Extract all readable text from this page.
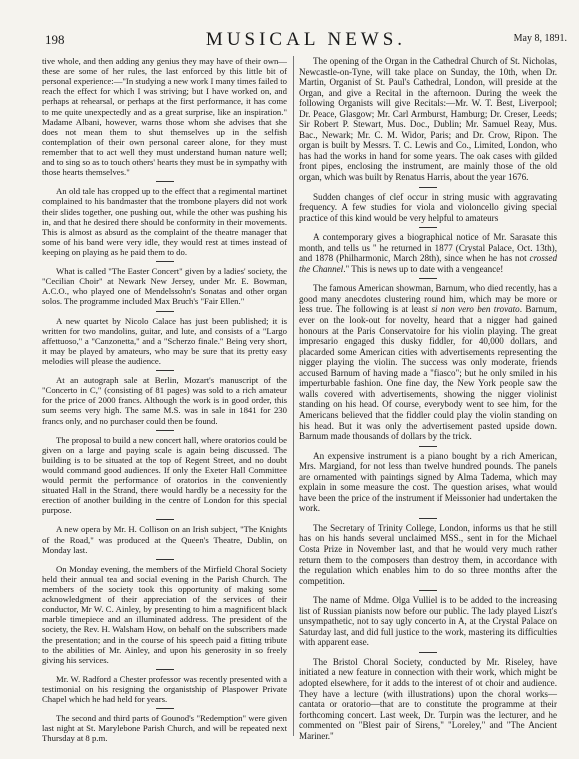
198	MUSICAL NEWS.	May 8, 1891.

tive whole, and then adding any genius they may have of their own—these are some of her rules, the last enforced by this little bit of personal experience:—"In studying a new work I many times failed to reach the effect for which I was striving; but I have worked on, and perhaps at rehearsal, or perhaps at the first performance, it has come to me quite unexpectedly and as a great surprise, like an inspiration." Madame Albani, however, warns those whom she advises that she does not mean them to shut themselves up in the selfish contemplation of their own personal career alone, for they must remember that to act well they must understand human nature well; and to sing so as to touch others' hearts they must be in sympathy with those hearts themselves."

An old tale has cropped up to the effect that a regimental martinet complained to his bandmaster that the trombone players did not work their slides together, one pushing out, while the other was pushing his in, and that he desired there should be conformity in their movements. This is almost as absurd as the complaint of the theatre manager that some of his band were very idle, they would rest at times instead of keeping on playing as he paid them to do.

What is called "The Easter Concert" given by a ladies' society, the "Cecilian Choir" at Newark New Jersey, under Mr. E. Bowman, A.C.O., who played one of Mendelssohn's Sonatas and other organ solos. The programme included Max Bruch's "Fair Ellen."

A new quartet by Nicolo Calace has just been published; it is written for two mandolins, guitar, and lute, and consists of a "Largo affettuoso," a "Canzonetta," and a "Scherzo finale." Being very short, it may be played by amateurs, who may be sure that its pretty easy melodies will please the audience.

At an autograph sale at Berlin, Mozart's manuscript of the "Concerto in C," (consisting of 81 pages) was sold to a rich amateur for the price of 2000 francs. Although the work is in good order, this sum seems very high. The same M.S. was in sale in 1841 for 230 francs only, and no purchaser could then be found.

The proposal to build a new concert hall, where oratorios could be given on a large and paying scale is again being discussed. The building is to be situated at the top of Regent Street, and no doubt would command good audiences. If only the Exeter Hall Committee would permit the performance of oratorios in the conveniently situated Hall in the Strand, there would hardly be a necessity for the erection of another building in the centre of London for this special purpose.

A new opera by Mr. H. Collison on an Irish subject, "The Knights of the Road," was produced at the Queen's Theatre, Dublin, on Monday last.

On Monday evening, the members of the Mirfield Choral Society held their annual tea and social evening in the Parish Church. The members of the society took this opportunity of making some acknowledgment of their appreciation of the services of their conductor, Mr W. C. Ainley, by presenting to him a magnificent black marble timepiece and an illuminated address. The president of the society, the Rev. H. Walsham How, on behalf on the subscribers made the presentation; and in the course of his speech paid a fitting tribute to the abilities of Mr. Ainley, and upon his generosity in so freely giving his services.

Mr. W. Radford a Chester professor was recently presented with a testimonial on his resigning the organistship of Plaspower Private Chapel which he had held for years.

The second and third parts of Gounod's "Redemption" were given last night at St. Marylebone Parish Church, and will be repeated next Thursday at 8 p.m.

The opening of the Organ in the Cathedral Church of St. Nicholas, Newcastle-on-Tyne, will take place on Sunday, the 10th, when Dr. Martin, Organist of St. Paul's Cathedral, London, will preside at the Organ, and give a Recital in the afternoon. During the week the following Organists will give Recitals:—Mr. W. T. Best, Liverpool; Dr. Peace, Glasgow; Mr. Carl Armburst, Hamburg; Dr. Creser, Leeds; Sir Robert P. Stewart, Mus. Doc., Dublin; Mr. Samuel Reay, Mus. Bac., Newark; Mr. C. M. Widor, Paris; and Dr. Crow, Ripon. The organ is built by Messrs. T. C. Lewis and Co., Limited, London, who has had the works in hand for some years. The oak cases with gilded front pipes, enclosing the instrument, are mainly those of the old organ, which was built by Renatus Harris, about the year 1676.

Sudden changes of clef occur in string music with aggravating frequency. A few studies for viola and violoncello giving special practice of this kind would be very helpful to amateurs

A contemporary gives a biographical notice of Mr. Sarasate this month, and tells us " he returned in 1877 (Crystal Palace, Oct. 13th), and 1878 (Philharmonic, March 28th), since when he has not crossed the Channel." This is news up to date with a vengeance!

The famous American showman, Barnum, who died recently, has a good many anecdotes clustering round him, which may be more or less true. The following is at least si non vero ben trovato. Barnum, ever on the look-out for novelty, heard that a nigger had gained honours at the Paris Conservatoire for his violin playing. The great impresario engaged this dusky fiddler, for 40,000 dollars, and placarded some American cities with advertisements representing the nigger playing the violin. The success was only moderate, friends accused Barnum of having made a "fiasco"; but he only smiled in his imperturbable fashion. One fine day, the New York people saw the walls covered with advertisements, showing the nigger violinist standing on his head. Of course, everybody went to see him, for the Americans believed that the fiddler could play the violin standing on his head. But it was only the advertisement pasted upside down. Barnum made thousands of dollars by the trick.

An expensive instrument is a piano bought by a rich American, Mrs. Margiand, for not less than twelve hundred pounds. The panels are ornamented with paintings signed by Alma Tadema, which may explain in some measure the cost. The question arises, what would have been the price of the instrument if Meissonier had undertaken the work.

The Secretary of Trinity College, London, informs us that he still has on his hands several unclaimed MSS., sent in for the Michael Costa Prize in November last, and that he would very much rather return them to the composers than destroy them, in accordance with the regulation which enables him to do so three months after the competition.

The name of Mdme. Olga Vulliel is to be added to the increasing list of Russian pianists now before our public. The lady played Liszt's unsympathetic, not to say ugly concerto in A, at the Crystal Palace on Saturday last, and did full justice to the work, mastering its difficulties with apparent ease.

The Bristol Choral Society, conducted by Mr. Riseley, have initiated a new feature in connection with their work, which might be adopted elsewhere, for it adds to the interest of ot choir and audience. They have a lecture (with illustrations) upon the choral works—cantata or oratorio—that are to constitute the programme at their forthcoming concert. Last week, Dr. Turpin was the lecturer, and he commented on "Blest pair of Sirens," "Loreley," and "The Ancient Mariner."
